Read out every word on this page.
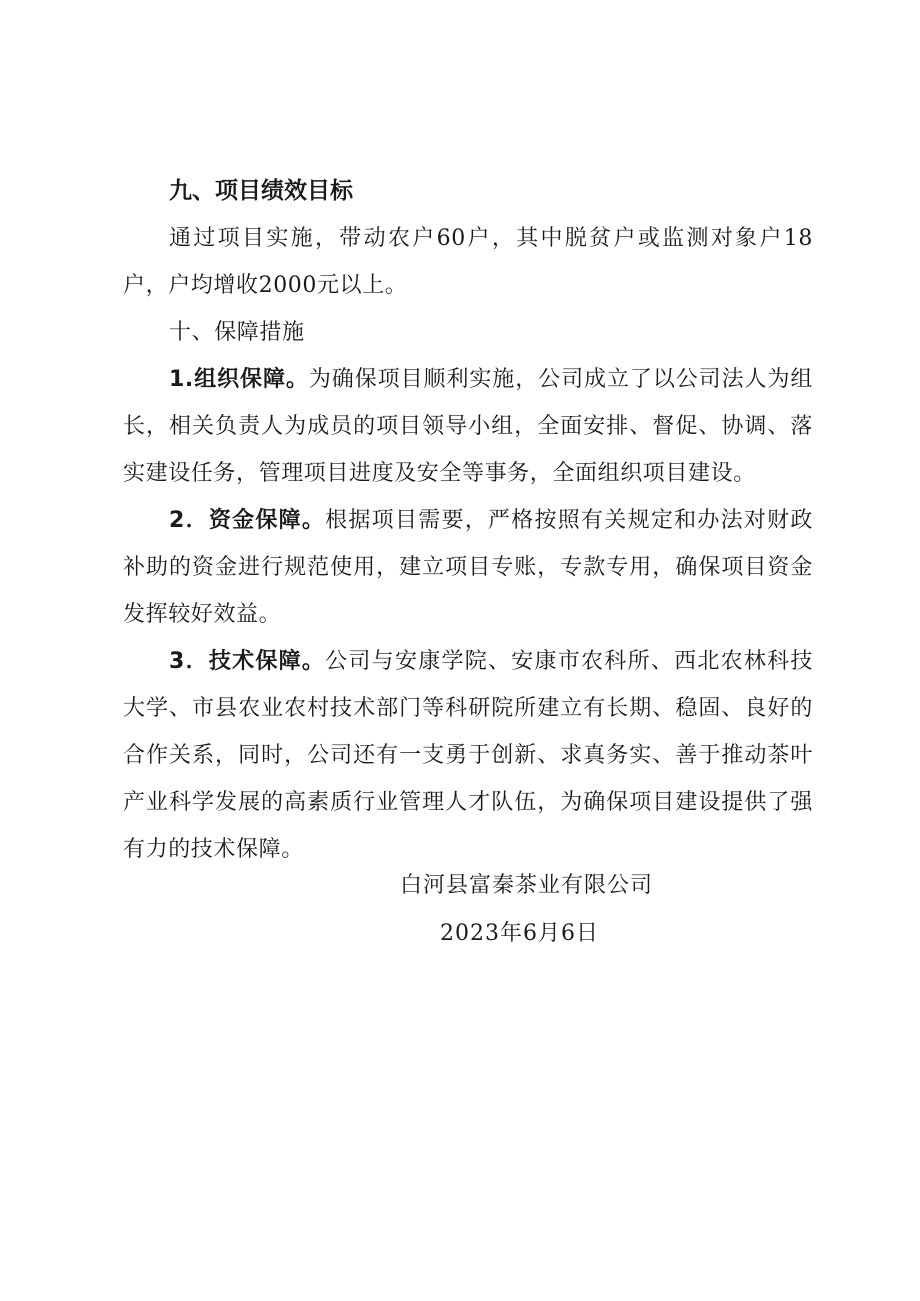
九、项目绩效目标

通过项目实施，带动农户60户，其中脱贫户或监测对象户18户，户均增收2000元以上。

十、保障措施

1.组织保障。为确保项目顺利实施，公司成立了以公司法人为组长，相关负责人为成员的项目领导小组，全面安排、督促、协调、落实建设任务，管理项目进度及安全等事务，全面组织项目建设。

2．资金保障。根据项目需要，严格按照有关规定和办法对财政补助的资金进行规范使用，建立项目专账，专款专用，确保项目资金发挥较好效益。

3．技术保障。公司与安康学院、安康市农科所、西北农林科技大学、市县农业农村技术部门等科研院所建立有长期、稳固、良好的合作关系，同时，公司还有一支勇于创新、求真务实、善于推动茶叶产业科学发展的高素质行业管理人才队伍，为确保项目建设提供了强有力的技术保障。

白河县富秦茶业有限公司
2023年6月6日
